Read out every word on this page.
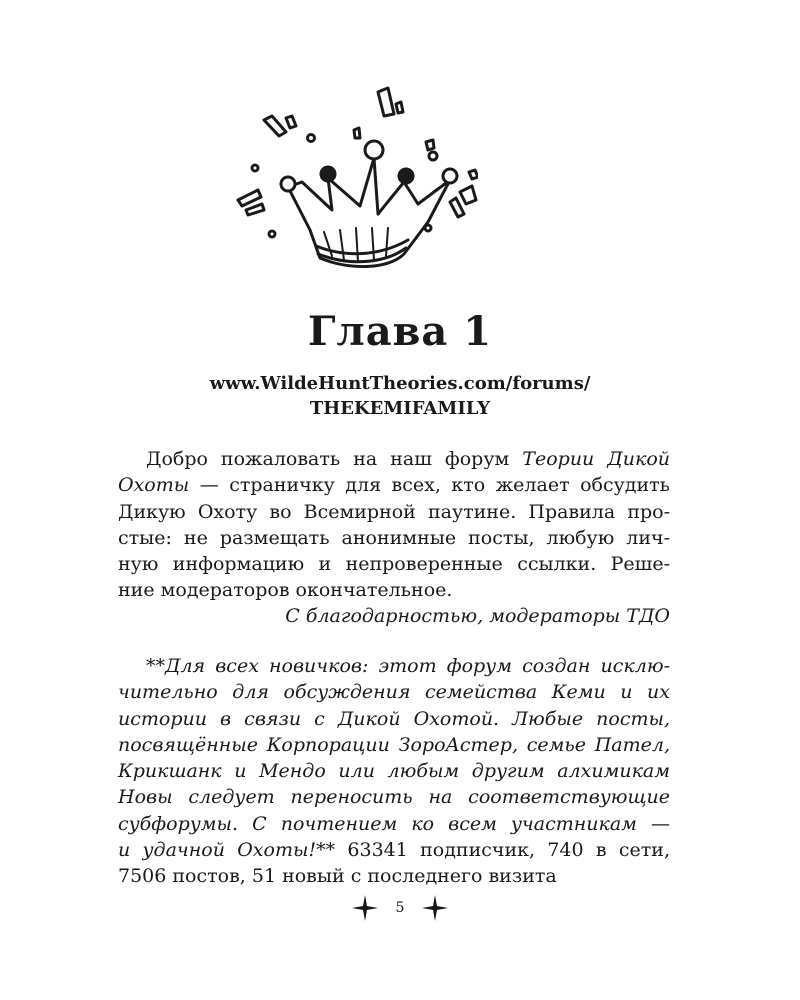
Глава 1
www.WildeHuntTheories.com/forums/
THEKEMIFAMILY
Добро пожаловать на наш форум Теории Дикой
Охоты — страничку для всех, кто желает обсудить
Дикую Охоту во Всемирной паутине. Правила про-
стые: не размещать анонимные посты, любую лич-
ную информацию и непроверенные ссылки. Реше-
ние модераторов окончательное.
С благодарностью, модераторы ТДО
**Для всех новичков: этот форум создан исклю-
чительно для обсуждения семейства Кеми и их
истории в связи с Дикой Охотой. Любые посты,
посвящённые Корпорации ЗороАстер, семье Пател,
Крикшанк и Мендо или любым другим алхимикам
Новы следует переносить на соответствующие
субфорумы. С почтением ко всем участникам —
и удачной Охоты!** 63341 подписчик, 740 в сети,
7506 постов, 51 новый с последнего визита
5
